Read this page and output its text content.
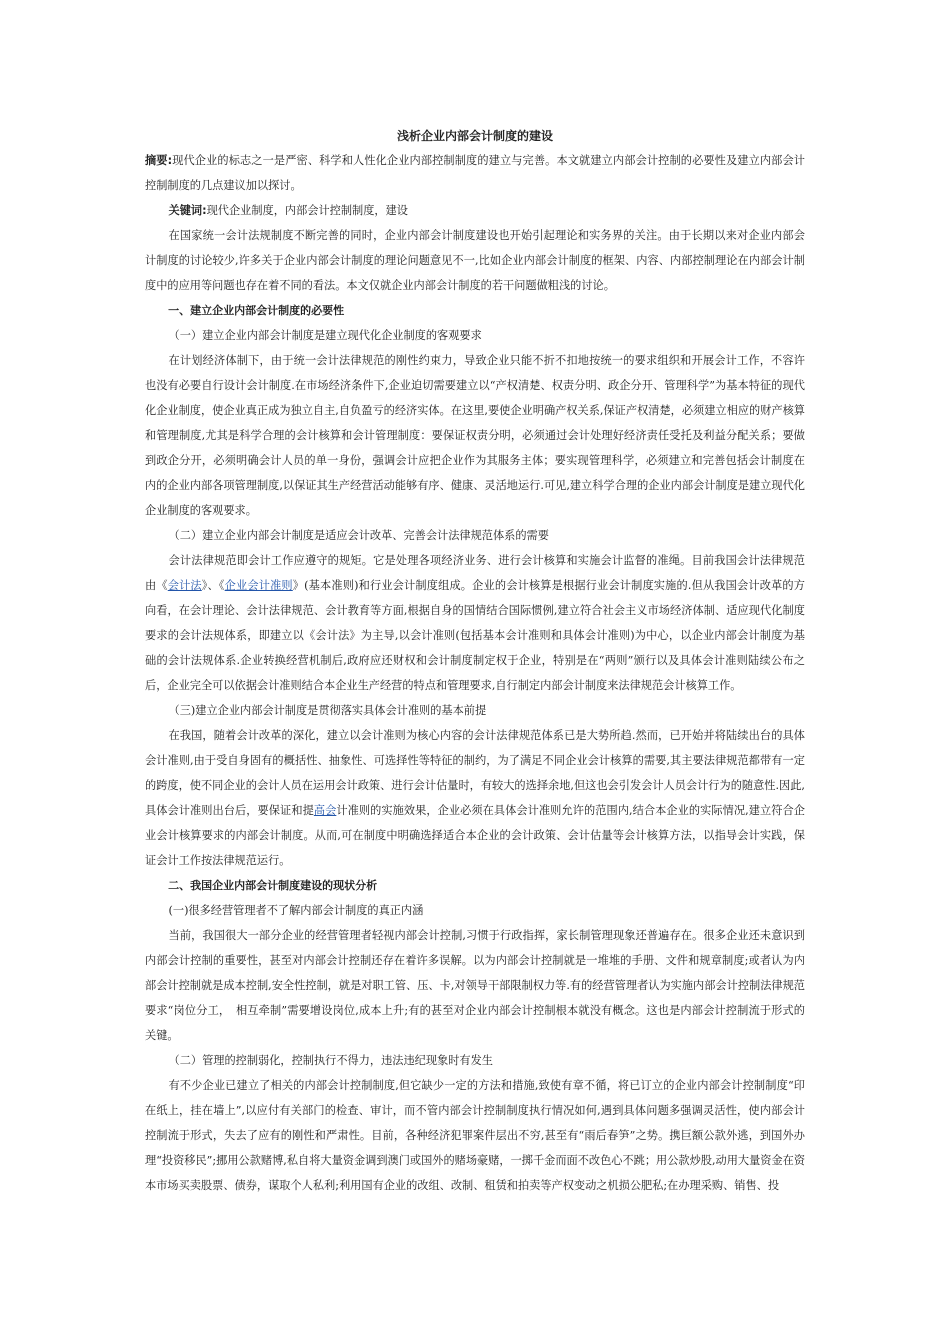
浅析企业内部会计制度的建设

摘要:现代企业的标志之一是严密、科学和人性化企业内部控制制度的建立与完善。本文就建立内部会计控制的必要性及建立内部会计控制制度的几点建议加以探讨。

关键词:现代企业制度，内部会计控制制度，建设

在国家统一会计法规制度不断完善的同时，企业内部会计制度建设也开始引起理论和实务界的关注。由于长期以来对企业内部会计制度的讨论较少,许多关于企业内部会计制度的理论问题意见不一,比如企业内部会计制度的框架、内容、内部控制理论在内部会计制度中的应用等问题也存在着不同的看法。本文仅就企业内部会计制度的若干问题做粗浅的讨论。

一、建立企业内部会计制度的必要性

（一）建立企业内部会计制度是建立现代化企业制度的客观要求

在计划经济体制下，由于统一会计法律规范的刚性约束力，导致企业只能不折不扣地按统一的要求组织和开展会计工作，不容许也没有必要自行设计会计制度.在市场经济条件下,企业迫切需要建立以“产权清楚、权责分明、政企分开、管理科学”为基本特征的现代化企业制度，使企业真正成为独立自主,自负盈亏的经济实体。在这里,要使企业明确产权关系,保证产权清楚，必须建立相应的财产核算和管理制度,尤其是科学合理的会计核算和会计管理制度：要保证权责分明，必须通过会计处理好经济责任受托及利益分配关系；要做到政企分开，必须明确会计人员的单一身份，强调会计应把企业作为其服务主体；要实现管理科学，必须建立和完善包括会计制度在内的企业内部各项管理制度,以保证其生产经营活动能够有序、健康、灵活地运行.可见,建立科学合理的企业内部会计制度是建立现代化企业制度的客观要求。

（二）建立企业内部会计制度是适应会计改革、完善会计法律规范体系的需要

会计法律规范即会计工作应遵守的规矩。它是处理各项经济业务、进行会计核算和实施会计监督的准绳。目前我国会计法律规范由《会计法》、《企业会计准则》(基本准则)和行业会计制度组成。企业的会计核算是根据行业会计制度实施的.但从我国会计改革的方向看，在会计理论、会计法律规范、会计教育等方面,根据自身的国情结合国际惯例,建立符合社会主义市场经济体制、适应现代化制度要求的会计法规体系，即建立以《会计法》为主导,以会计准则(包括基本会计准则和具体会计准则)为中心，以企业内部会计制度为基础的会计法规体系.企业转换经营机制后,政府应还财权和会计制度制定权于企业，特别是在“两则”颁行以及具体会计准则陆续公布之后，企业完全可以依据会计准则结合本企业生产经营的特点和管理要求,自行制定内部会计制度来法律规范会计核算工作。

（三)建立企业内部会计制度是贯彻落实具体会计准则的基本前提

在我国，随着会计改革的深化，建立以会计准则为核心内容的会计法律规范体系已是大势所趋.然而，已开始并将陆续出台的具体会计准则,由于受自身固有的概括性、抽象性、可选择性等特征的制约，为了满足不同企业会计核算的需要,其主要法律规范都带有一定的跨度，使不同企业的会计人员在运用会计政策、进行会计估量时，有较大的选择余地,但这也会引发会计人员会计行为的随意性.因此,具体会计准则出台后，要保证和提高会计准则的实施效果，企业必须在具体会计准则允许的范围内,结合本企业的实际情况,建立符合企业会计核算要求的内部会计制度。从而,可在制度中明确选择适合本企业的会计政策、会计估量等会计核算方法，以指导会计实践，保证会计工作按法律规范运行。

二、我国企业内部会计制度建设的现状分析

(一)很多经营管理者不了解内部会计制度的真正内涵

当前，我国很大一部分企业的经营管理者轻视内部会计控制,习惯于行政指挥，家长制管理现象还普遍存在。很多企业还未意识到内部会计控制的重要性，甚至对内部会计控制还存在着许多误解。以为内部会计控制就是一堆堆的手册、文件和规章制度;或者认为内部会计控制就是成本控制,安全性控制，就是对职工管、压、卡,对领导干部限制权力等.有的经营管理者认为实施内部会计控制法律规范要求“岗位分工，　相互牵制”需要增设岗位,成本上升;有的甚至对企业内部会计控制根本就没有概念。这也是内部会计控制流于形式的关键。

（二）管理的控制弱化，控制执行不得力，违法违纪现象时有发生

有不少企业已建立了相关的内部会计控制制度,但它缺少一定的方法和措施,致使有章不循，将已订立的企业内部会计控制制度“印在纸上，挂在墙上”,以应付有关部门的检查、审计，而不管内部会计控制制度执行情况如何,遇到具体问题多强调灵活性，使内部会计控制流于形式，失去了应有的刚性和严肃性。目前，各种经济犯罪案件层出不穷,甚至有“雨后春笋”之势。携巨额公款外逃，到国外办理“投资移民”;挪用公款赌博,私自将大量资金调到澳门或国外的赌场豪赌，一掷千金而面不改色心不跳；用公款炒股,动用大量资金在资本市场买卖股票、债券，谋取个人私利;利用国有企业的改组、改制、租赁和拍卖等产权变动之机损公肥私;在办理采购、销售、投
